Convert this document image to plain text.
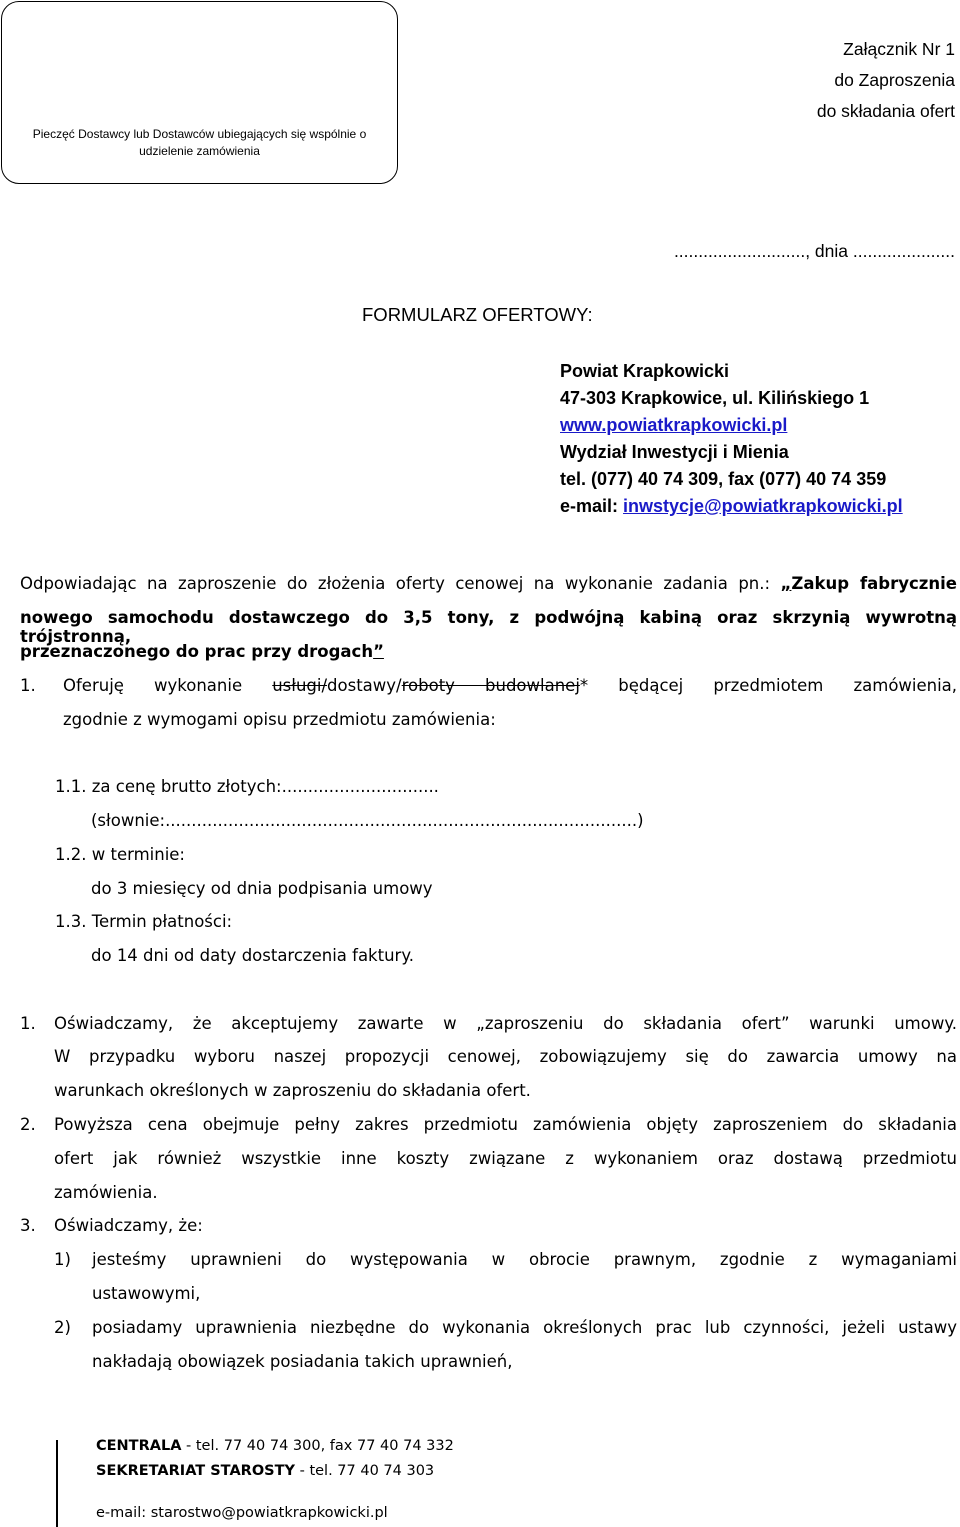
Pieczęć Dostawcy lub Dostawców ubiegających się wspólnie o udzielenie zamówienia
Załącznik Nr 1
do Zaproszenia
do składania ofert
..........................., dnia .....................
FORMULARZ OFERTOWY:
Powiat Krapkowicki
47-303 Krapkowice, ul. Kilińskiego 1
www.powiatkrapkowicki.pl
Wydział Inwestycji i Mienia
tel. (077) 40 74 309, fax (077) 40 74 359
e-mail: inwstycje@powiatkrapkowicki.pl
Odpowiadając na zaproszenie do złożenia oferty cenowej na wykonanie zadania pn.: „Zakup fabrycznie
nowego samochodu dostawczego do 3,5 tony, z podwójną kabiną oraz skrzynią wywrotną trójstronną,
przeznaczonego do prac przy drogach”
1. Oferuję wykonanie usługi/dostawy/roboty budowlanej* będącej przedmiotem zamówienia,
zgodnie z wymogami opisu przedmiotu zamówienia:
1.1. za cenę brutto złotych:..............................
(słownie:..........................................................................................)
1.2. w terminie:
do 3 miesięcy od dnia podpisania umowy
1.3. Termin płatności:
do 14 dni od daty dostarczenia faktury.
1. Oświadczamy, że akceptujemy zawarte w „zaproszeniu do składania ofert” warunki umowy.
W przypadku wyboru naszej propozycji cenowej, zobowiązujemy się do zawarcia umowy na
warunkach określonych w zaproszeniu do składania ofert.
2. Powyższa cena obejmuje pełny zakres przedmiotu zamówienia objęty zaproszeniem do składania
ofert jak również wszystkie inne koszty związane z wykonaniem oraz dostawą przedmiotu
zamówienia.
3. Oświadczamy, że:
1) jesteśmy uprawnieni do występowania w obrocie prawnym, zgodnie z wymaganiami
ustawowymi,
2) posiadamy uprawnienia niezbędne do wykonania określonych prac lub czynności, jeżeli ustawy
nakładają obowiązek posiadania takich uprawnień,
CENTRALA - tel. 77 40 74 300, fax 77 40 74 332
SEKRETARIAT STAROSTY - tel. 77 40 74 303
e-mail: starostwo@powiatkrapkowicki.pl
